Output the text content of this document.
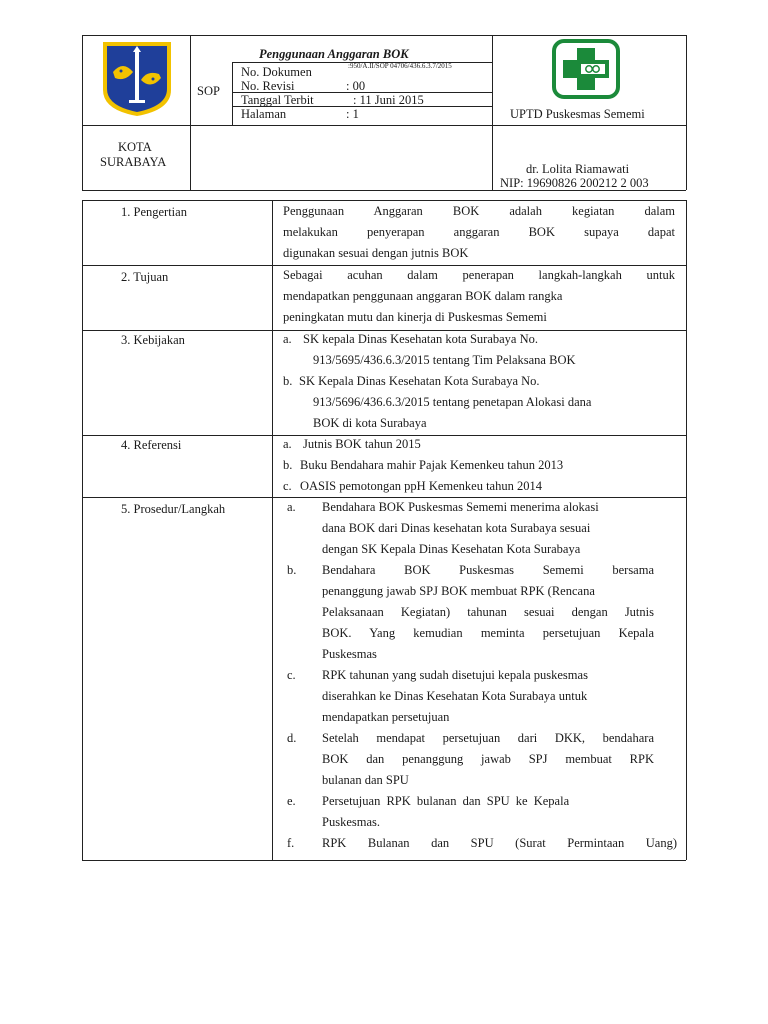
SOP
Penggunaan Anggaran BOK
No. Dokumen	:950/A.II/SOP 04706/436.6.3.7/2015
No. Revisi	: 00
Tanggal Terbit	: 11 Juni 2015
Halaman	: 1	UPTD Puskesmas Sememi
KOTA
SURABAYA	dr. Lolita Riamawati
NIP: 19690826 200212 2 003
1. Pengertian	Penggunaan Anggaran BOK adalah kegiatan dalam
melakukan penyerapan anggaran BOK supaya dapat
digunakan sesuai dengan jutnis BOK
2. Tujuan	Sebagai acuhan dalam penerapan langkah-langkah untuk
mendapatkan penggunaan anggaran BOK dalam rangka
peningkatan mutu dan kinerja di Puskesmas Sememi
3. Kebijakan	a. SK kepala Dinas Kesehatan kota Surabaya No.
913/5695/436.6.3/2015 tentang Tim Pelaksana BOK
b. SK Kepala Dinas Kesehatan Kota Surabaya No.
913/5696/436.6.3/2015 tentang penetapan Alokasi dana
BOK di kota Surabaya
4. Referensi	a. Jutnis BOK tahun 2015
b. Buku Bendahara mahir Pajak Kemenkeu tahun 2013
c. OASIS pemotongan ppH Kemenkeu tahun 2014
5. Prosedur/Langkah	a. Bendahara BOK Puskesmas Sememi menerima alokasi
dana BOK dari Dinas kesehatan kota Surabaya sesuai
dengan SK Kepala Dinas Kesehatan Kota Surabaya
b. Bendahara BOK Puskesmas Sememi bersama
penanggung jawab SPJ BOK membuat RPK (Rencana
Pelaksanaan Kegiatan) tahunan sesuai dengan Jutnis
BOK. Yang kemudian meminta persetujuan Kepala
Puskesmas
c. RPK tahunan yang sudah disetujui kepala puskesmas
diserahkan ke Dinas Kesehatan Kota Surabaya untuk
mendapatkan persetujuan
d. Setelah mendapat persetujuan dari DKK, bendahara
BOK dan penanggung jawab SPJ membuat RPK
bulanan dan SPU
e. Persetujuan RPK bulanan dan SPU ke Kepala
Puskesmas.
f. RPK Bulanan dan SPU (Surat Permintaan Uang)
